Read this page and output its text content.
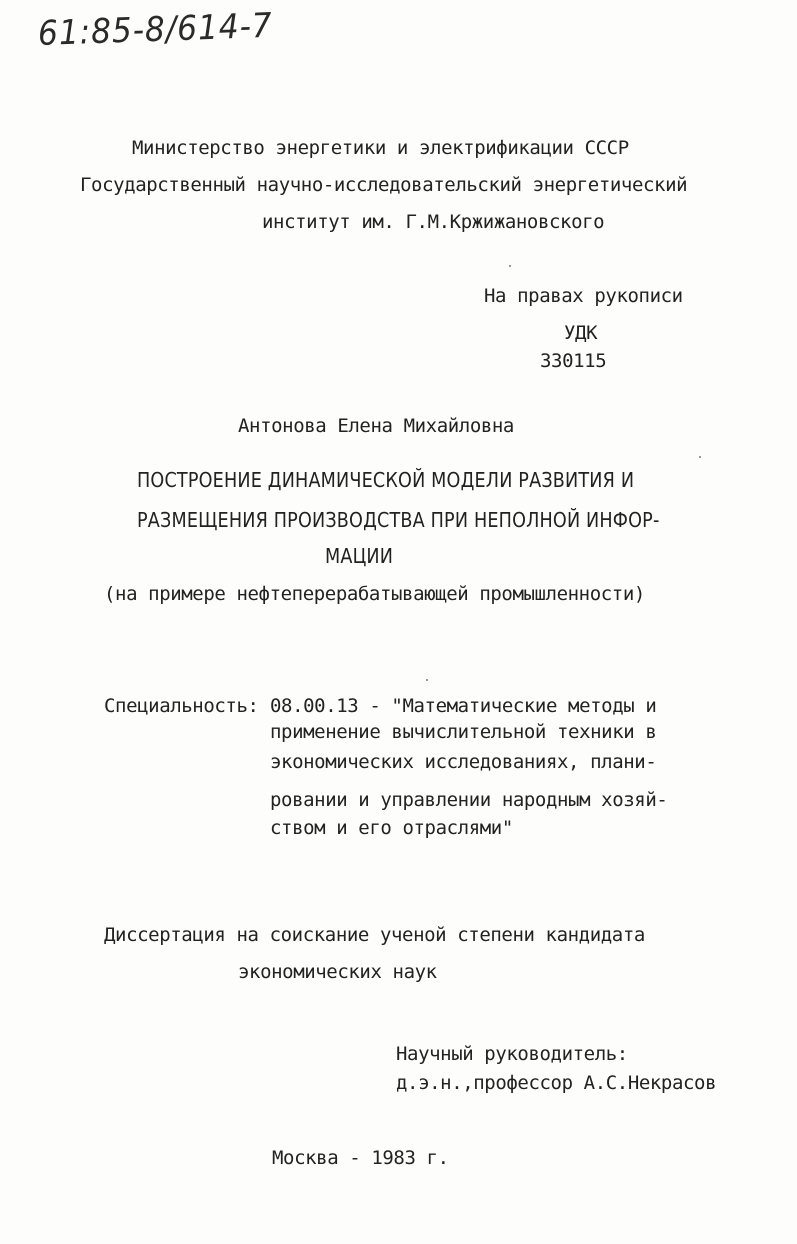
61:85-8/614-7
Министерство энергетики и электрификации СССР
Государственный научно-исследовательский энергетический
институт им. Г.М.Кржижановского
На правах рукописи
УДК
330115
Антонова Елена Михайловна
ПОСТРОЕНИЕ ДИНАМИЧЕСКОЙ МОДЕЛИ РАЗВИТИЯ И
РАЗМЕЩЕНИЯ ПРОИЗВОДСТВА ПРИ НЕПОЛНОЙ ИНФОР-
МАЦИИ
(на примере нефтеперерабатывающей промышленности)
Специальность: 08.00.13 - "Математические методы и
применение вычислительной техники в
экономических исследованиях, плани-
ровании и управлении народным хозяй-
ством и его отраслями"
Диссертация на соискание ученой степени кандидата
экономических наук
Научный руководитель:
д.э.н.,профессор А.С.Некрасов
Москва - 1983 г.
